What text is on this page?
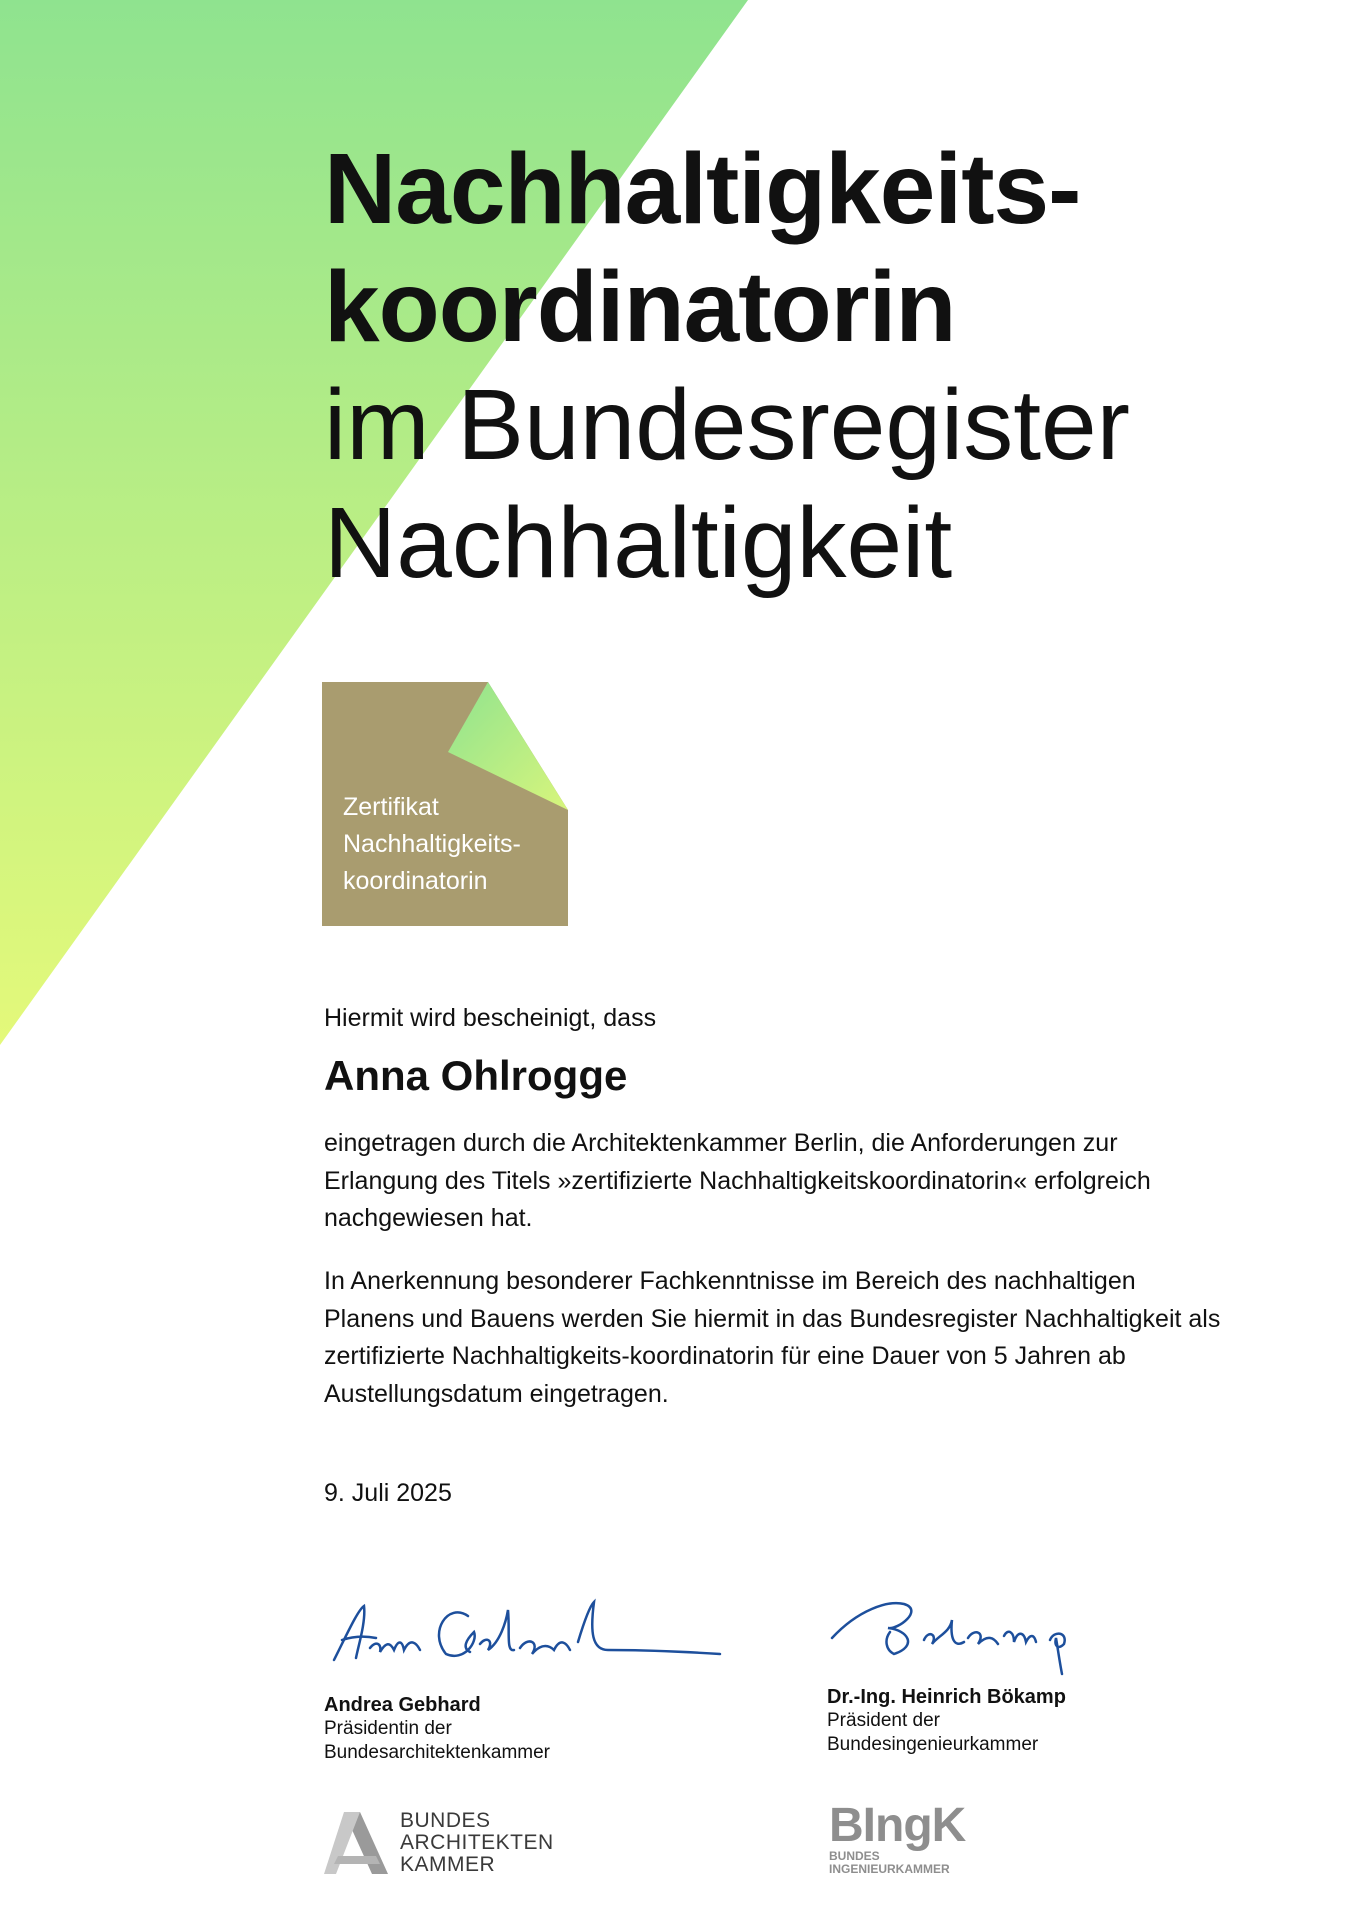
Nachhaltigkeits-

koordinatorin

im Bundesregister

Nachhaltigkeit

Zertifikat
Nachhaltigkeits-
koordinatorin

Hiermit wird bescheinigt, dass

Anna Ohlrogge

eingetragen durch die Architektenkammer Berlin, die Anforderungen zur Erlangung des Titels »zertifizierte Nachhaltigkeitskoordinatorin« erfolgreich nachgewiesen hat.

In Anerkennung besonderer Fachkenntnisse im Bereich des nachhaltigen Planens und Bauens werden Sie hiermit in das Bundesregister Nachhaltigkeit als zertifizierte Nachhaltigkeits-koordinatorin für eine Dauer von 5 Jahren ab Austellungsdatum eingetragen.

9. Juli 2025

Andrea Gebhard
Präsidentin der
Bundesarchitektenkammer

Dr.-Ing. Heinrich Bökamp
Präsident der
Bundesingenieurkammer

BUNDES
ARCHITEKTEN
KAMMER

BIngK

BUNDES
INGENIEURKAMMER
